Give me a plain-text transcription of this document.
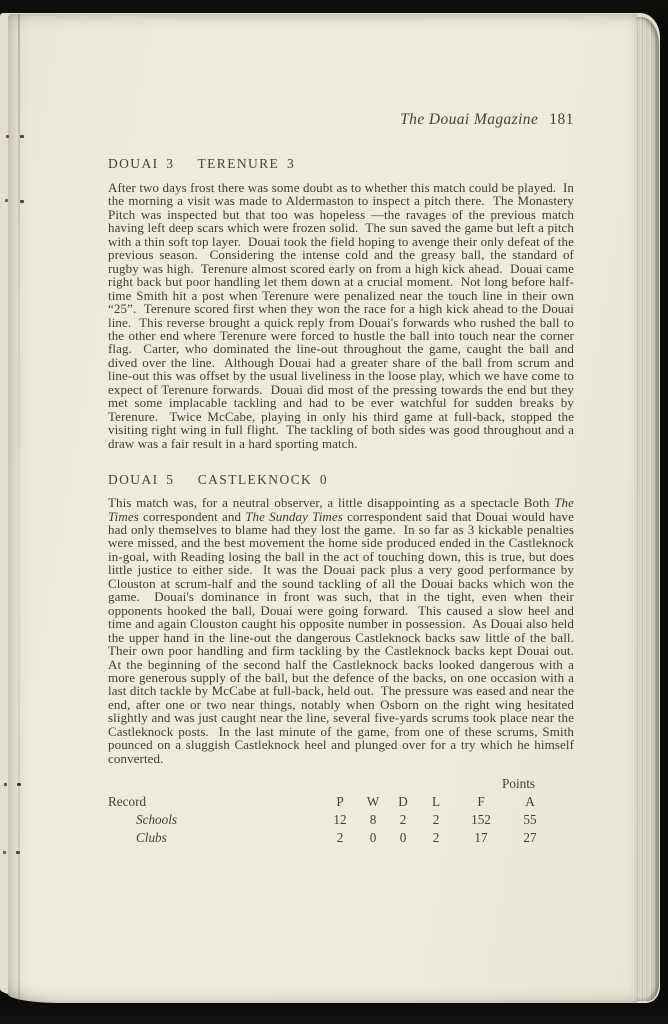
The Douai Magazine 181
DOUAI 3   TERENURE 3
After two days frost there was some doubt as to whether this match could be played.  In the morning a visit was made to Aldermaston to inspect a pitch there.  The Monastery Pitch was inspected but that too was hopeless —the ravages of the previous match having left deep scars which were frozen solid.  The sun saved the game but left a pitch with a thin soft top layer.  Douai took the field hoping to avenge their only defeat of the previous season.  Considering the intense cold and the greasy ball, the standard of rugby was high.  Terenure almost scored early on from a high kick ahead.  Douai came right back but poor handling let them down at a crucial moment.  Not long before half-time Smith hit a post when Terenure were penalized near the touch line in their own “25”.  Terenure scored first when they won the race for a high kick ahead to the Douai line.  This reverse brought a quick reply from Douai's forwards who rushed the ball to the other end where Terenure were forced to hustle the ball into touch near the corner flag.  Carter, who dominated the line-out throughout the game, caught the ball and dived over the line.  Although Douai had a greater share of the ball from scrum and line-out this was offset by the usual liveliness in the loose play, which we have come to expect of Terenure forwards.  Douai did most of the pressing towards the end but they met some implacable tackling and had to be ever watchful for sudden breaks by Terenure.  Twice McCabe, playing in only his third game at full-back, stopped the visiting right wing in full flight.  The tackling of both sides was good throughout and a draw was a fair result in a hard sporting match.
DOUAI 5   CASTLEKNOCK 0
This match was, for a neutral observer, a little disappointing as a spectacle Both The Times correspondent and The Sunday Times correspondent said that Douai would have had only themselves to blame had they lost the game.  In so far as 3 kickable penalties were missed, and the best movement the home side produced ended in the Castleknock in-goal, with Reading losing the ball in the act of touching down, this is true, but does little justice to either side.  It was the Douai pack plus a very good performance by Clouston at scrum-half and the sound tackling of all the Douai backs which won the game.  Douai's dominance in front was such, that in the tight, even when their opponents hooked the ball, Douai were going forward.  This caused a slow heel and time and again Clouston caught his opposite number in possession.  As Douai also held the upper hand in the line-out the dangerous Castleknock backs saw little of the ball.  Their own poor handling and firm tackling by the Castleknock backs kept Douai out.  At the beginning of the second half the Castleknock backs looked dangerous with a more generous supply of the ball, but the defence of the backs, on one occasion with a last ditch tackle by McCabe at full-back, held out.  The pressure was eased and near the end, after one or two near things, notably when Osborn on the right wing hesitated slightly and was just caught near the line, several five-yards scrums took place near the Castleknock posts.  In the last minute of the game, from one of these scrums, Smith pounced on a sluggish Castleknock heel and plunged over for a try which he himself converted.
Points
Record	P	W	D	L	F	A
Schools	12	8	2	2	152	55
Clubs	2	0	0	2	17	27
